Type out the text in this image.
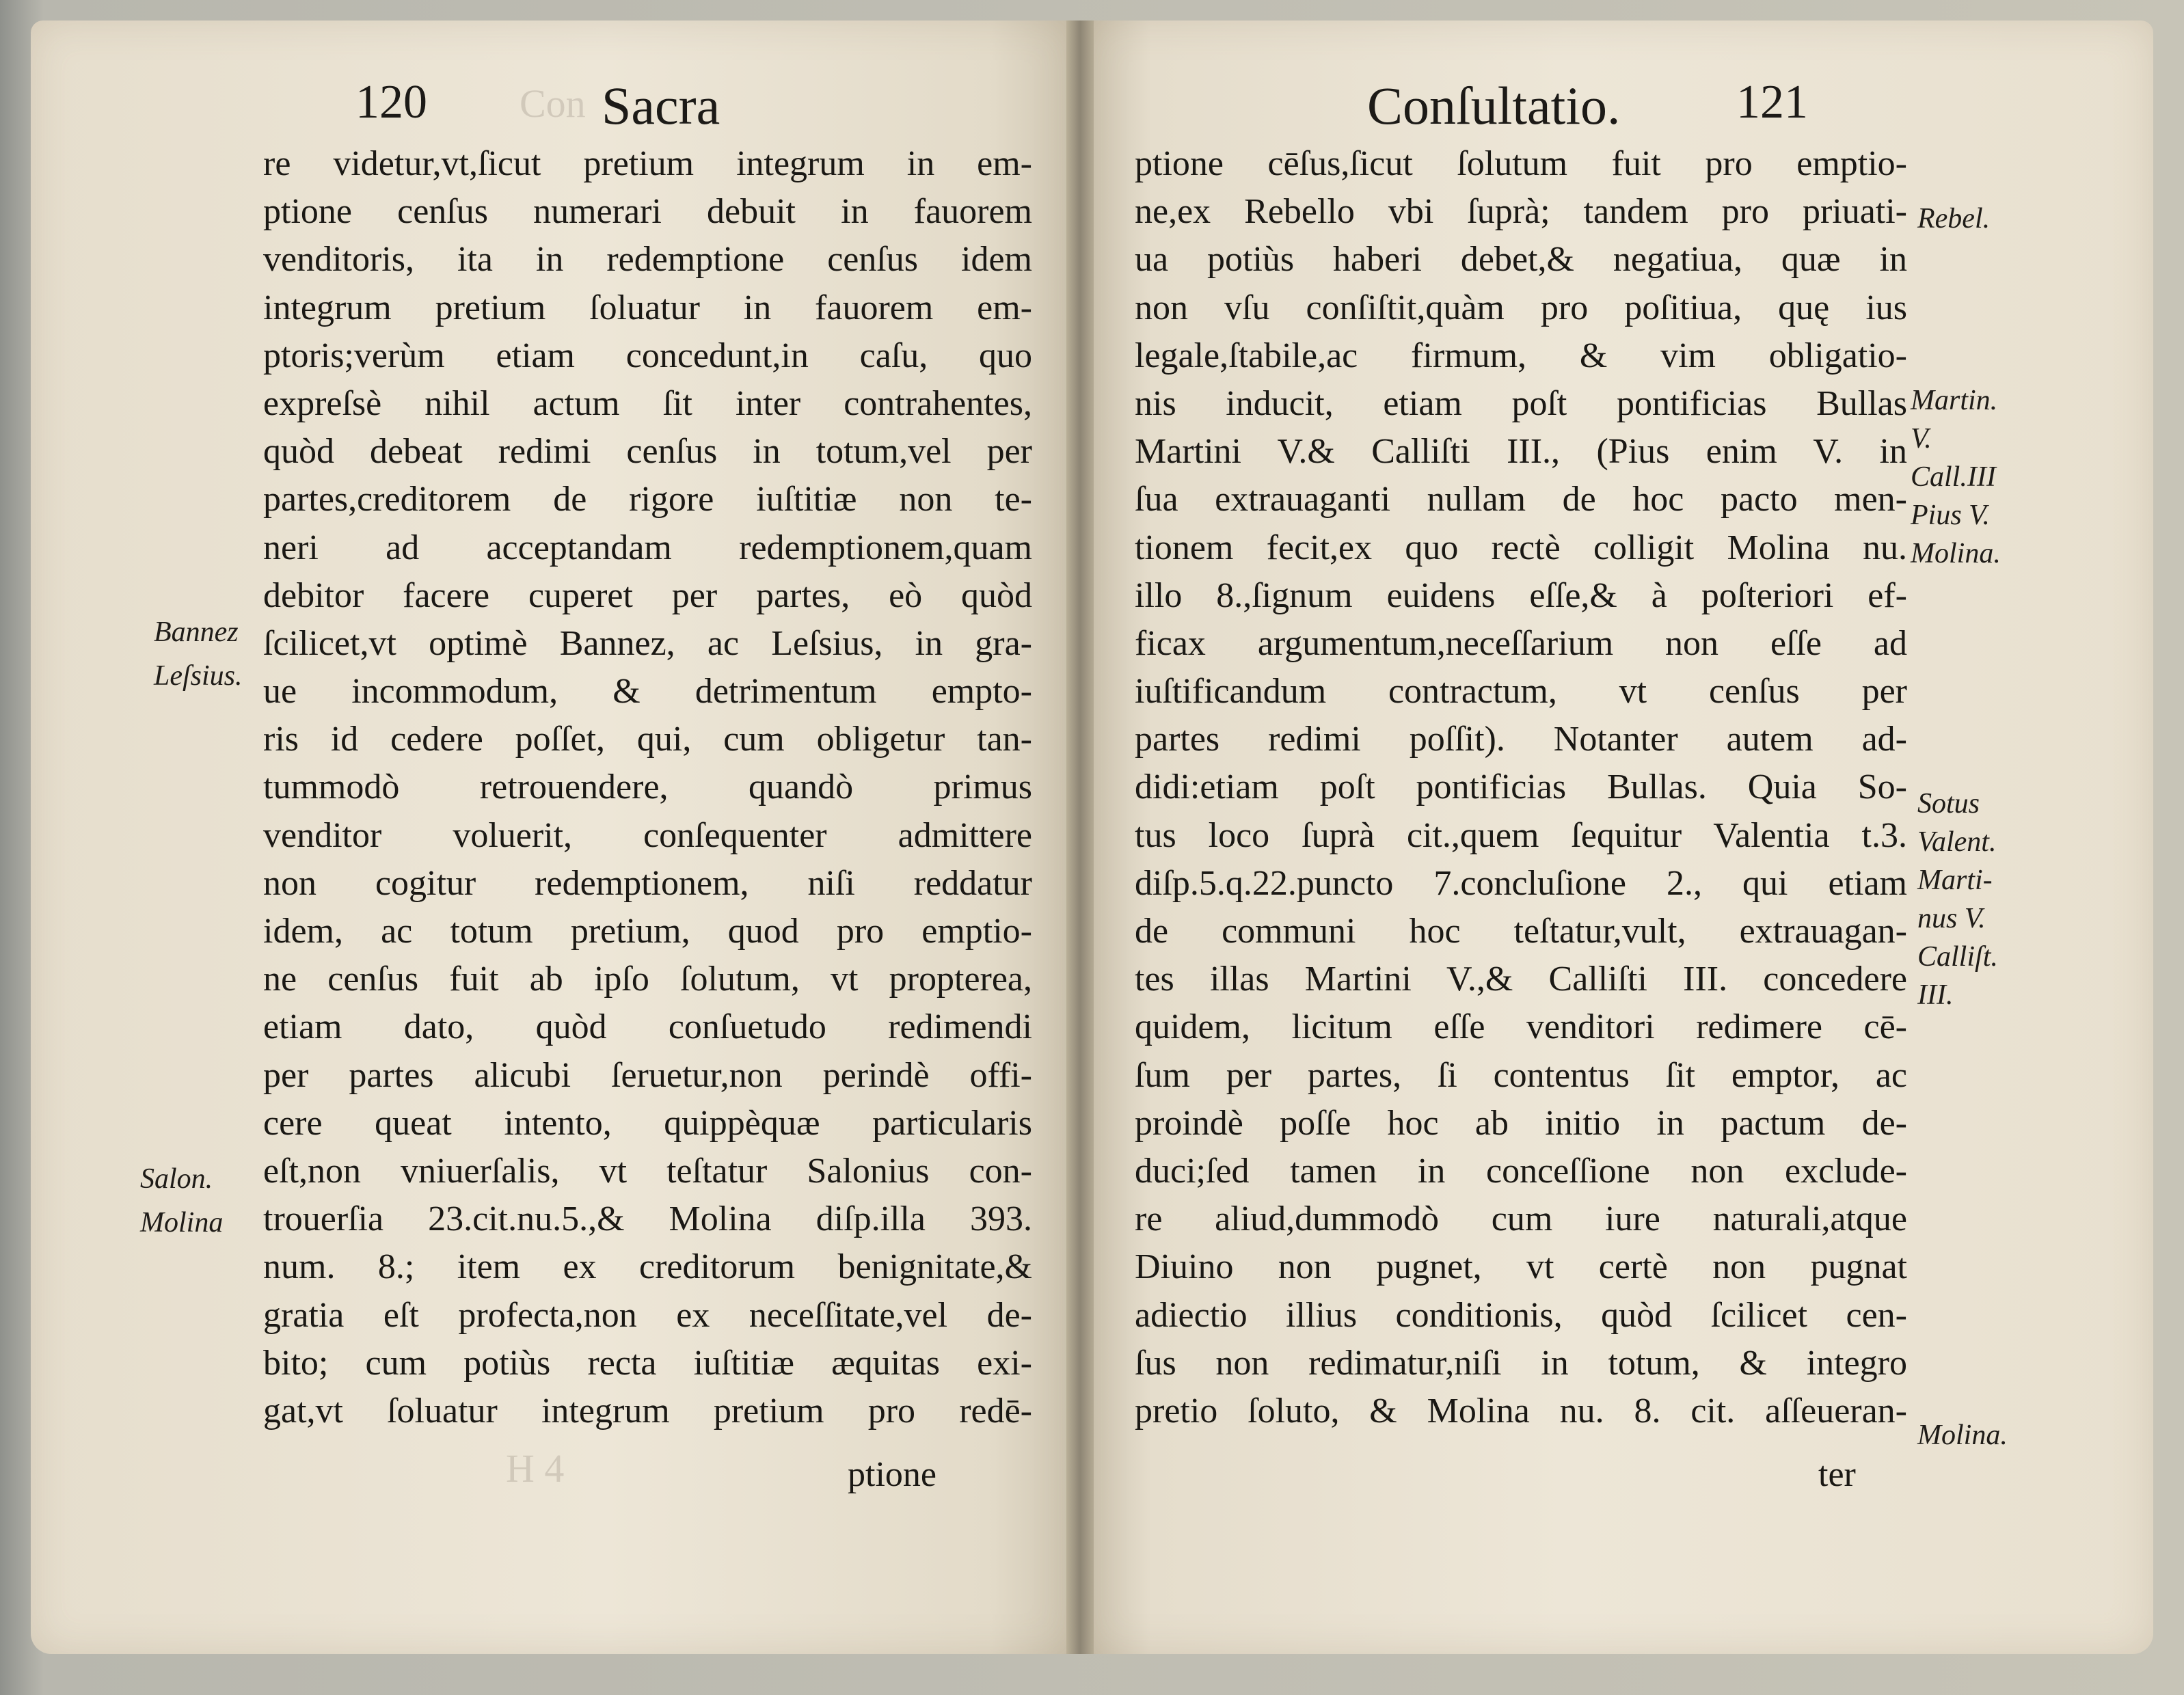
Con
H 4
120	Sacra
re videtur,vt,ſicut pretium integrum in em-
ptione cenſus numerari debuit in fauorem
venditoris, ita in redemptione cenſus idem
integrum pretium ſoluatur in fauorem em-
ptoris;verùm etiam concedunt,in caſu, quo
expreſsè nihil actum ſit inter contrahentes,
quòd debeat redimi cenſus in totum,vel per
partes,creditorem de rigore iuſtitiæ non te-
neri ad acceptandam redemptionem,quam
debitor facere cuperet per partes, eò quòd
ſcilicet,vt optimè Bannez, ac Leſsius, in gra-
ue incommodum, & detrimentum empto-
ris id cedere poſſet, qui, cum obligetur tan-
tummodò retrouendere, quandò primus
venditor voluerit, conſequenter admittere
non cogitur redemptionem, niſi reddatur
idem, ac totum pretium, quod pro emptio-
ne cenſus fuit ab ipſo ſolutum, vt propterea,
etiam dato, quòd conſuetudo redimendi
per partes alicubi ſeruetur,non perindè offi-
cere queat intento, quippèquæ particularis
eſt,non vniuerſalis, vt teſtatur Salonius con-
trouerſia 23.cit.nu.5.,& Molina diſp.illa 393.
num. 8.; item ex creditorum benignitate,&
gratia eſt profecta,non ex neceſſitate,vel de-
bito; cum potiùs recta iuſtitiæ æquitas exi-
gat,vt ſoluatur integrum pretium pro redē-
ptione
Bannez
Leſsius.
Salon.
Molina
Conſultatio. 121
ptione cēſus,ſicut ſolutum fuit pro emptio-
ne,ex Rebello vbi ſuprà; tandem pro priuati-
ua potiùs haberi debet,& negatiua, quæ in
non vſu conſiſtit,quàm pro poſitiua, quę ius
legale,ſtabile,ac firmum, & vim obligatio-
nis inducit, etiam poſt pontificias Bullas
Martini V.& Calliſti III., (Pius enim V. in
ſua extrauaganti nullam de hoc pacto men-
tionem fecit,ex quo rectè colligit Molina nu.
illo 8.,ſignum euidens eſſe,& à poſteriori ef-
ficax argumentum,neceſſarium non eſſe ad
iuſtificandum contractum, vt cenſus per
partes redimi poſſit). Notanter autem ad-
didi:etiam poſt pontificias Bullas. Quia So-
tus loco ſuprà cit.,quem ſequitur Valentia t.3.
diſp.5.q.22.puncto 7.concluſione 2., qui etiam
de communi hoc teſtatur,vult, extrauagan-
tes illas Martini V.,& Calliſti III. concedere
quidem, licitum eſſe venditori redimere cē-
ſum per partes, ſi contentus ſit emptor, ac
proindè poſſe hoc ab initio in pactum de-
duci;ſed tamen in conceſſione non exclude-
re aliud,dummodò cum iure naturali,atque
Diuino non pugnet, vt certè non pugnat
adiectio illius conditionis, quòd ſcilicet cen-
ſus non redimatur,niſi in totum, & integro
pretio ſoluto, & Molina nu. 8. cit. aſſeueran-
ter
Rebel.
Martin.
V.
Call.III
Pius V.
Molina.
Sotus
Valent.
Marti-
nus V.
Calliſt.
III.
Molina.
